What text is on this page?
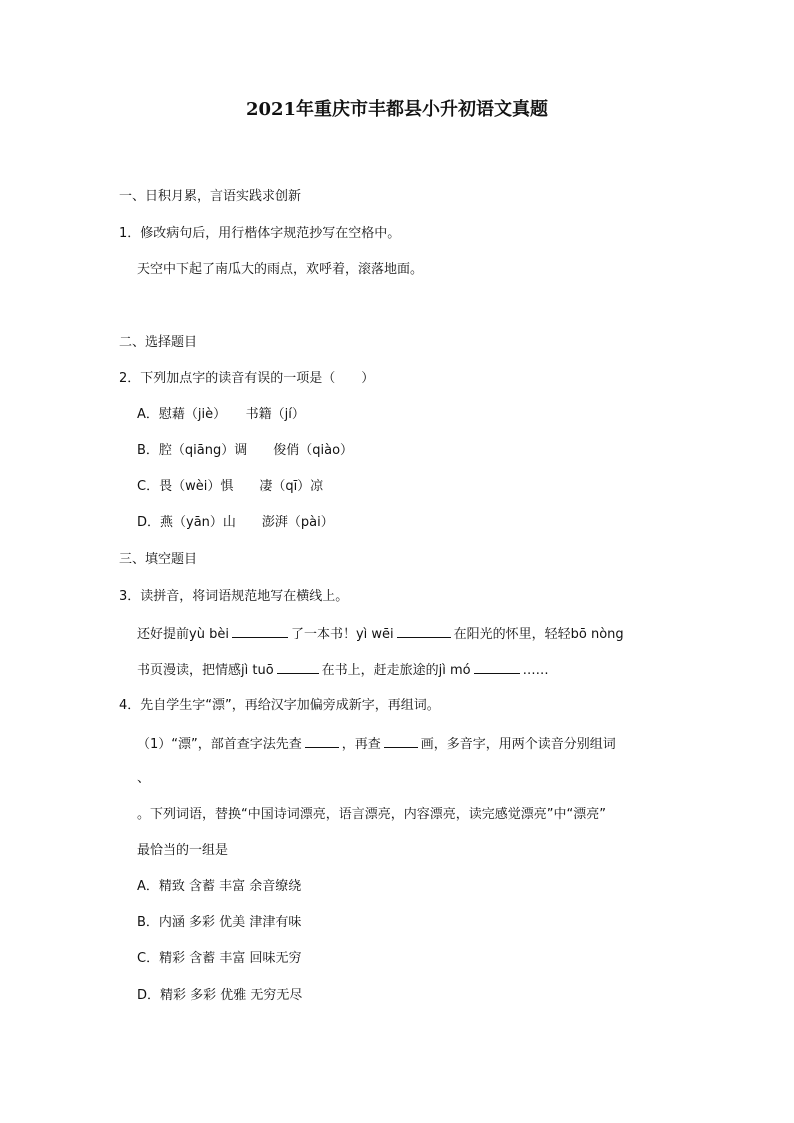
2021年重庆市丰都县小升初语文真题
一、日积月累，言语实践求创新
1．修改病句后，用行楷体字规范抄写在空格中。
天空中下起了南瓜大的雨点，欢呼着，滚落地面。
二、选择题目
2．下列加点字的读音有误的一项是（　　）
A．慰藉（jiè）　　书籍（jí）
B．腔（qiāng）调　　俊俏（qiào）
C．畏（wèi）惧　　凄（qī）凉
D．燕（yān）山　　澎湃（pài）
三、填空题目
3．读拼音，将词语规范地写在横线上。
还好提前yù bèi	了一本书！yì wēi	在阳光的怀里，轻轻bō nòng
书页漫读，把情感jì tuō	在书上，赶走旅途的jì mó	……
4．先自学生字“漂”，再给汉字加偏旁成新字，再组词。
（1）“漂”，部首查字法先查	，再查	画，多音字，用两个读音分别组词
、
。下列词语，替换“中国诗词漂亮，语言漂亮，内容漂亮，读完感觉漂亮”中“漂亮”
最恰当的一组是
A．精致 含蓄 丰富 余音缭绕
B．内涵 多彩 优美 津津有味
C．精彩 含蓄 丰富 回味无穷
D．精彩 多彩 优雅 无穷无尽
